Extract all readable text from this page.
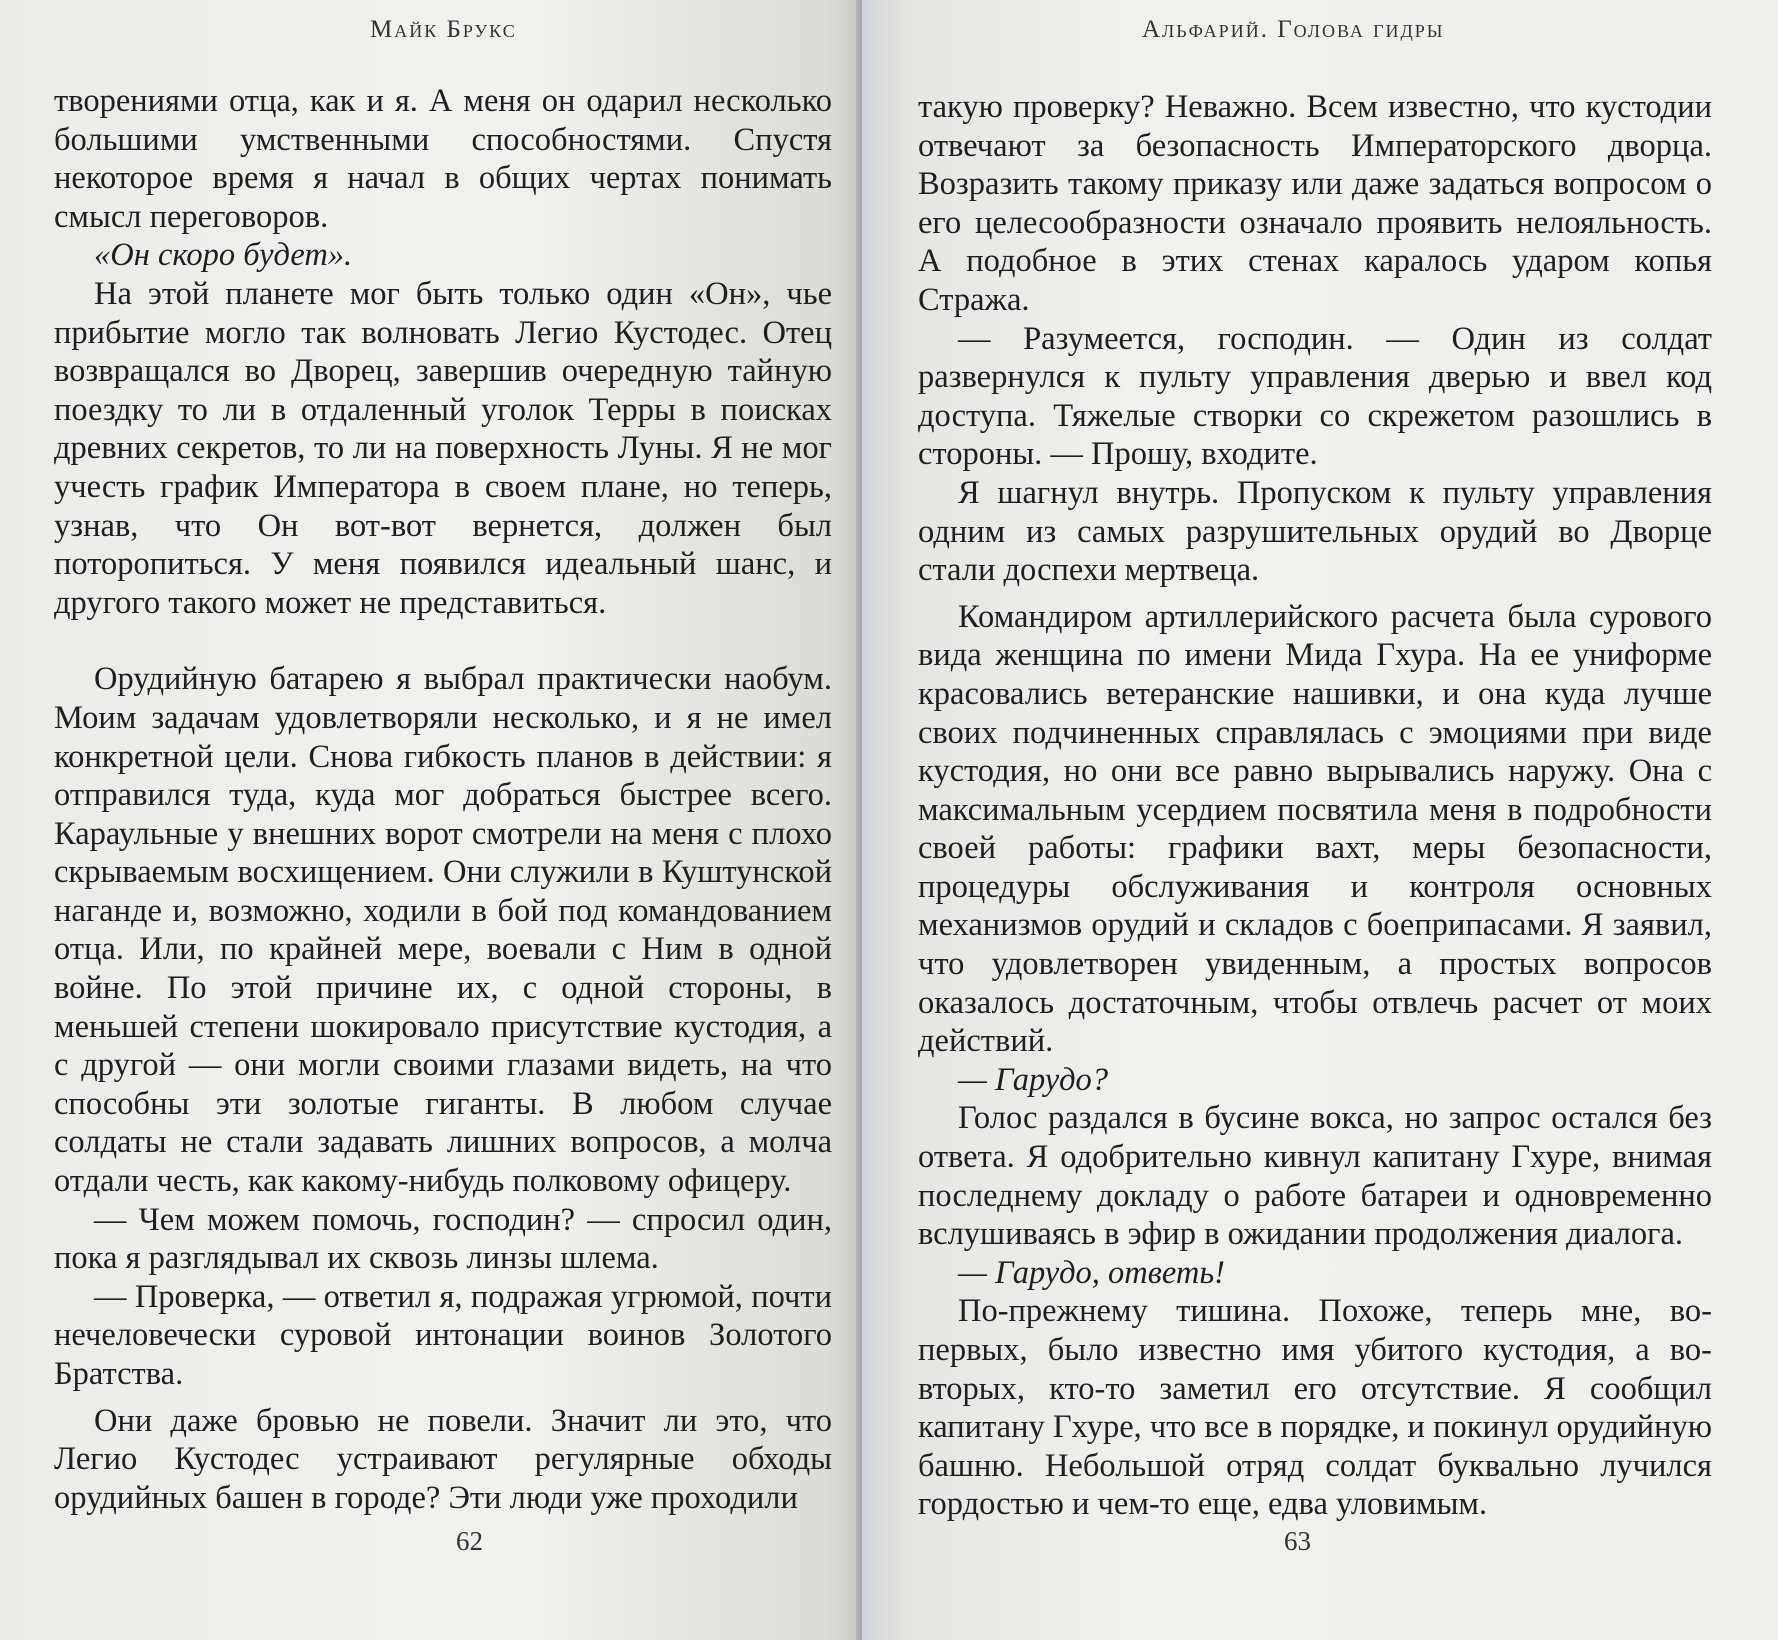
Майк Брукс

творениями отца, как и я. А меня он одарил несколько большими умственными способностями. Спустя некоторое время я начал в общих чертах понимать смысл переговоров.

«Он скоро будет».

На этой планете мог быть только один «Он», чье прибытие могло так волновать Легио Кустодес. Отец возвращался во Дворец, завершив очередную тайную поездку то ли в отдаленный уголок Терры в поисках древних секретов, то ли на поверхность Луны. Я не мог учесть график Императора в своем плане, но теперь, узнав, что Он вот-вот вернется, должен был поторопиться. У меня появился идеальный шанс, и другого такого может не представиться.

Орудийную батарею я выбрал практически наобум. Моим задачам удовлетворяли несколько, и я не имел конкретной цели. Снова гибкость планов в действии: я отправился туда, куда мог добраться быстрее всего. Караульные у внешних ворот смотрели на меня с плохо скрываемым восхищением. Они служили в Куштунской наганде и, возможно, ходили в бой под командованием отца. Или, по крайней мере, воевали с Ним в одной войне. По этой причине их, с одной стороны, в меньшей степени шокировало присутствие кустодия, а с другой — они могли своими глазами видеть, на что способны эти золотые гиганты. В любом случае солдаты не стали задавать лишних вопросов, а молча отдали честь, как какому-нибудь полковому офицеру.

— Чем можем помочь, господин? — спросил один, пока я разглядывал их сквозь линзы шлема.

— Проверка, — ответил я, подражая угрюмой, почти нечеловечески суровой интонации воинов Золотого Братства.

Они даже бровью не повели. Значит ли это, что Легио Кустодес устраивают регулярные обходы орудийных башен в городе? Эти люди уже проходили

62
Альфарий. Голова гидры

такую проверку? Неважно. Всем известно, что кустодии отвечают за безопасность Императорского дворца. Возразить такому приказу или даже задаться вопросом о его целесообразности означало проявить нелояльность. А подобное в этих стенах каралось ударом копья Стража.

— Разумеется, господин. — Один из солдат развернулся к пульту управления дверью и ввел код доступа. Тяжелые створки со скрежетом разошлись в стороны. — Прошу, входите.

Я шагнул внутрь. Пропуском к пульту управления одним из самых разрушительных орудий во Дворце стали доспехи мертвеца.

Командиром артиллерийского расчета была сурового вида женщина по имени Мида Гхура. На ее униформе красовались ветеранские нашивки, и она куда лучше своих подчиненных справлялась с эмоциями при виде кустодия, но они все равно вырывались наружу. Она с максимальным усердием посвятила меня в подробности своей работы: графики вахт, меры безопасности, процедуры обслуживания и контроля основных механизмов орудий и складов с боеприпасами. Я заявил, что удовлетворен увиденным, а простых вопросов оказалось достаточным, чтобы отвлечь расчет от моих действий.

— Гарудо?

Голос раздался в бусине вокса, но запрос остался без ответа. Я одобрительно кивнул капитану Гхуре, внимая последнему докладу о работе батареи и одновременно вслушиваясь в эфир в ожидании продолжения диалога.

— Гарудо, ответь!

По-прежнему тишина. Похоже, теперь мне, во-первых, было известно имя убитого кустодия, а во-вторых, кто-то заметил его отсутствие. Я сообщил капитану Гхуре, что все в порядке, и покинул орудийную башню. Небольшой отряд солдат буквально лучился гордостью и чем-то еще, едва уловимым.

63
